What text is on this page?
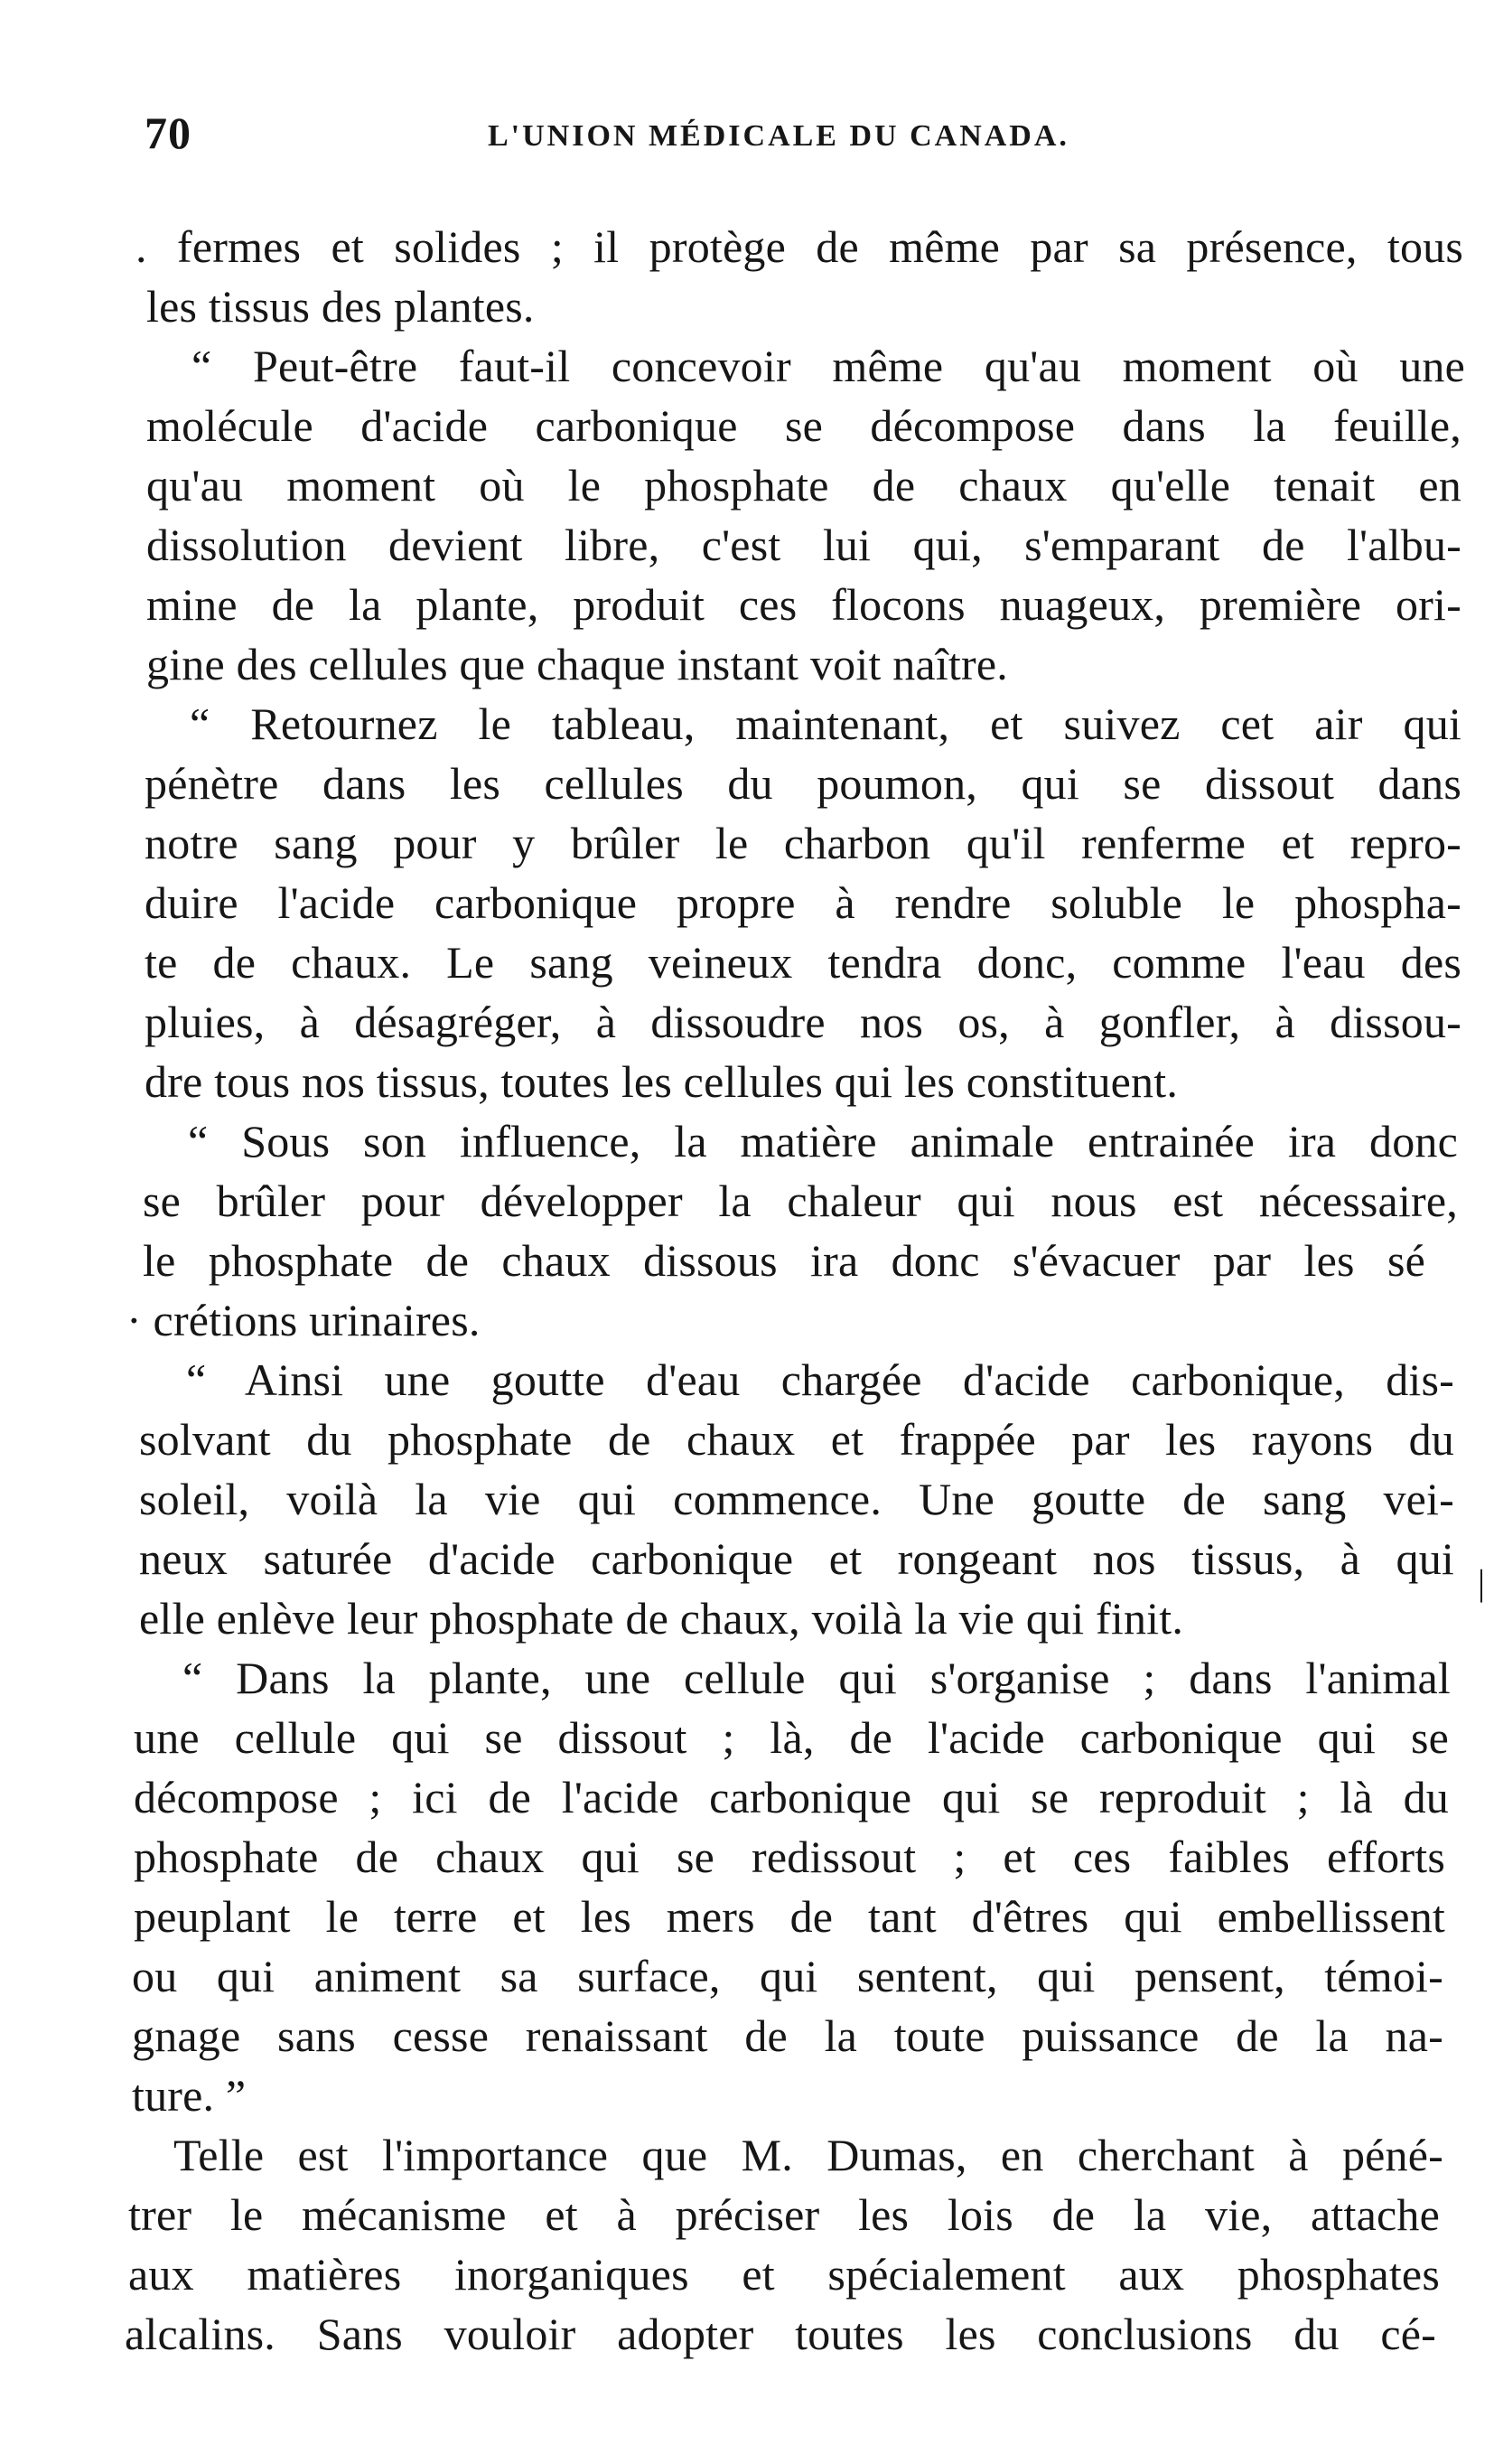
70	L'UNION MÉDICALE DU CANADA.
. fermes et solides ; il protège de même par sa présence, tous
les tissus des plantes.
“ Peut-être faut-il concevoir même qu'au moment où une
molécule d'acide carbonique se décompose dans la feuille,
qu'au moment où le phosphate de chaux qu'elle tenait en
dissolution devient libre, c'est lui qui, s'emparant de l'albu-
mine de la plante, produit ces flocons nuageux, première ori-
gine des cellules que chaque instant voit naître.
“ Retournez le tableau, maintenant, et suivez cet air qui
pénètre dans les cellules du poumon, qui se dissout dans
notre sang pour y brûler le charbon qu'il renferme et repro-
duire l'acide carbonique propre à rendre soluble le phospha-
te de chaux. Le sang veineux tendra donc, comme l'eau des
pluies, à désagréger, à dissoudre nos os, à gonfler, à dissou-
dre tous nos tissus, toutes les cellules qui les constituent.
“ Sous son influence, la matière animale entrainée ira donc
se brûler pour développer la chaleur qui nous est nécessaire,
le phosphate de chaux dissous ira donc s'évacuer par les sé
· crétions urinaires.
“ Ainsi une goutte d'eau chargée d'acide carbonique, dis-
solvant du phosphate de chaux et frappée par les rayons du
soleil, voilà la vie qui commence. Une goutte de sang vei-
neux saturée d'acide carbonique et rongeant nos tissus, à qui
elle enlève leur phosphate de chaux, voilà la vie qui finit.
“ Dans la plante, une cellule qui s'organise ; dans l'animal
une cellule qui se dissout ; là, de l'acide carbonique qui se
décompose ; ici de l'acide carbonique qui se reproduit ; là du
phosphate de chaux qui se redissout ; et ces faibles efforts
peuplant le terre et les mers de tant d'êtres qui embellissent
ou qui animent sa surface, qui sentent, qui pensent, témoi-
gnage sans cesse renaissant de la toute puissance de la na-
ture. ”
Telle est l'importance que M. Dumas, en cherchant à péné-
trer le mécanisme et à préciser les lois de la vie, attache
aux matières inorganiques et spécialement aux phosphates
alcalins. Sans vouloir adopter toutes les conclusions du cé-
|
